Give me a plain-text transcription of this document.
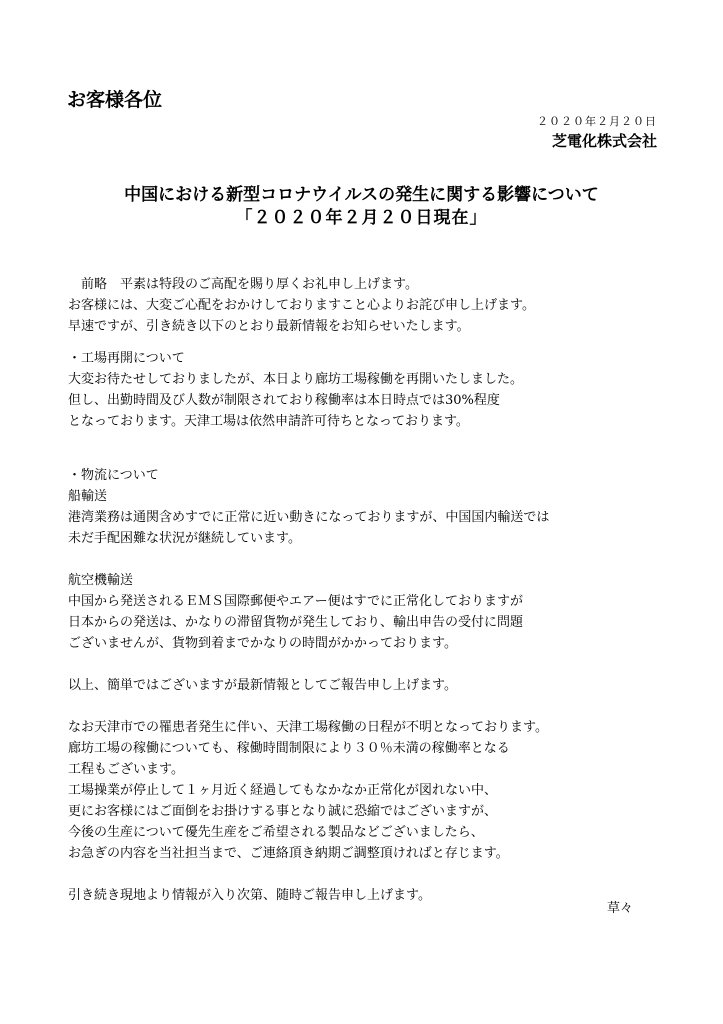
お客様各位
２０２０年２月２０日
芝電化株式会社
中国における新型コロナウイルスの発生に関する影響について
「２０２０年２月２０日現在」
　前略　平素は特段のご高配を賜り厚くお礼申し上げます。
お客様には、大変ご心配をおかけしておりますこと心よりお詫び申し上げます。
早速ですが、引き続き以下のとおり最新情報をお知らせいたします。
・工場再開について
大変お待たせしておりましたが、本日より廊坊工場稼働を再開いたしました。
但し、出勤時間及び人数が制限されており稼働率は本日時点では30%程度
となっております。天津工場は依然申請許可待ちとなっております。
・物流について
船輸送
港湾業務は通関含めすでに正常に近い動きになっておりますが、中国国内輸送では
未だ手配困難な状況が継続しています。
航空機輸送
中国から発送されるＥＭＳ国際郵便やエアー便はすでに正常化しておりますが
日本からの発送は、かなりの滞留貨物が発生しており、輸出申告の受付に問題
ございませんが、貨物到着までかなりの時間がかかっております。
以上、簡単ではございますが最新情報としてご報告申し上げます。
なお天津市での罹患者発生に伴い、天津工場稼働の日程が不明となっております。
廊坊工場の稼働についても、稼働時間制限により３０％未満の稼働率となる
工程もございます。
工場操業が停止して１ヶ月近く経過してもなかなか正常化が図れない中、
更にお客様にはご面倒をお掛けする事となり誠に恐縮ではございますが、
今後の生産について優先生産をご希望される製品などございましたら、
お急ぎの内容を当社担当まで、ご連絡頂き納期ご調整頂ければと存じます。
引き続き現地より情報が入り次第、随時ご報告申し上げます。
草々
